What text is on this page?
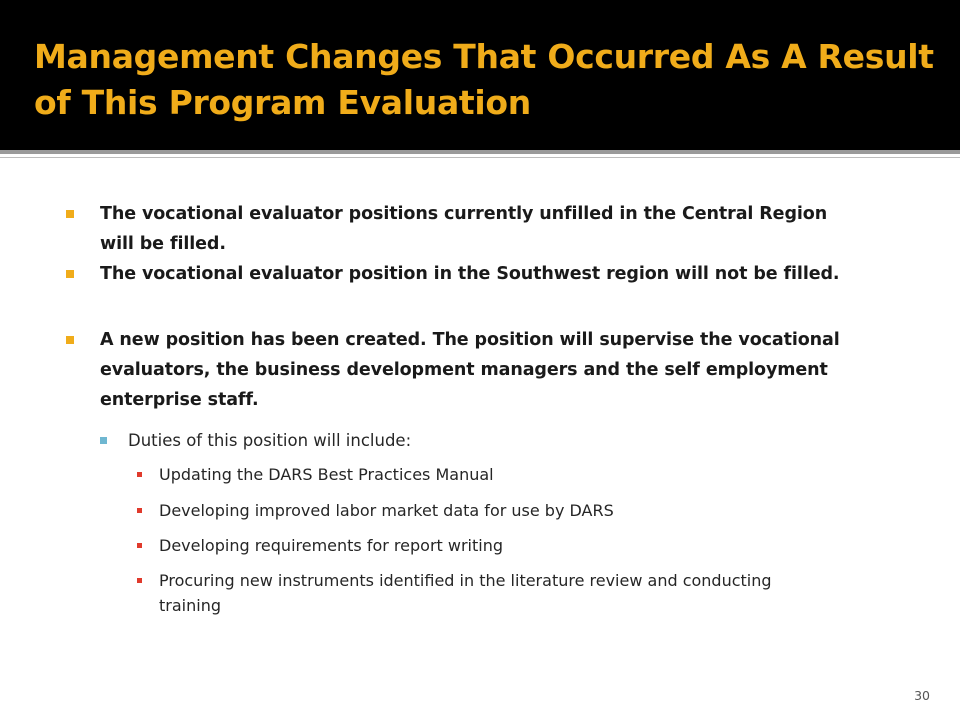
Management Changes That Occurred As A Result of This Program Evaluation
The vocational evaluator positions currently unfilled in the Central Region will be filled.
The vocational evaluator position in the Southwest region will not be filled.
A new position has been created. The position will supervise the vocational evaluators, the business development managers and the self employment enterprise staff.
Duties of this position will include:
Updating the DARS Best Practices Manual
Developing improved labor market data for use by DARS
Developing requirements for report writing
Procuring new instruments identified in the literature review and conducting training
30
